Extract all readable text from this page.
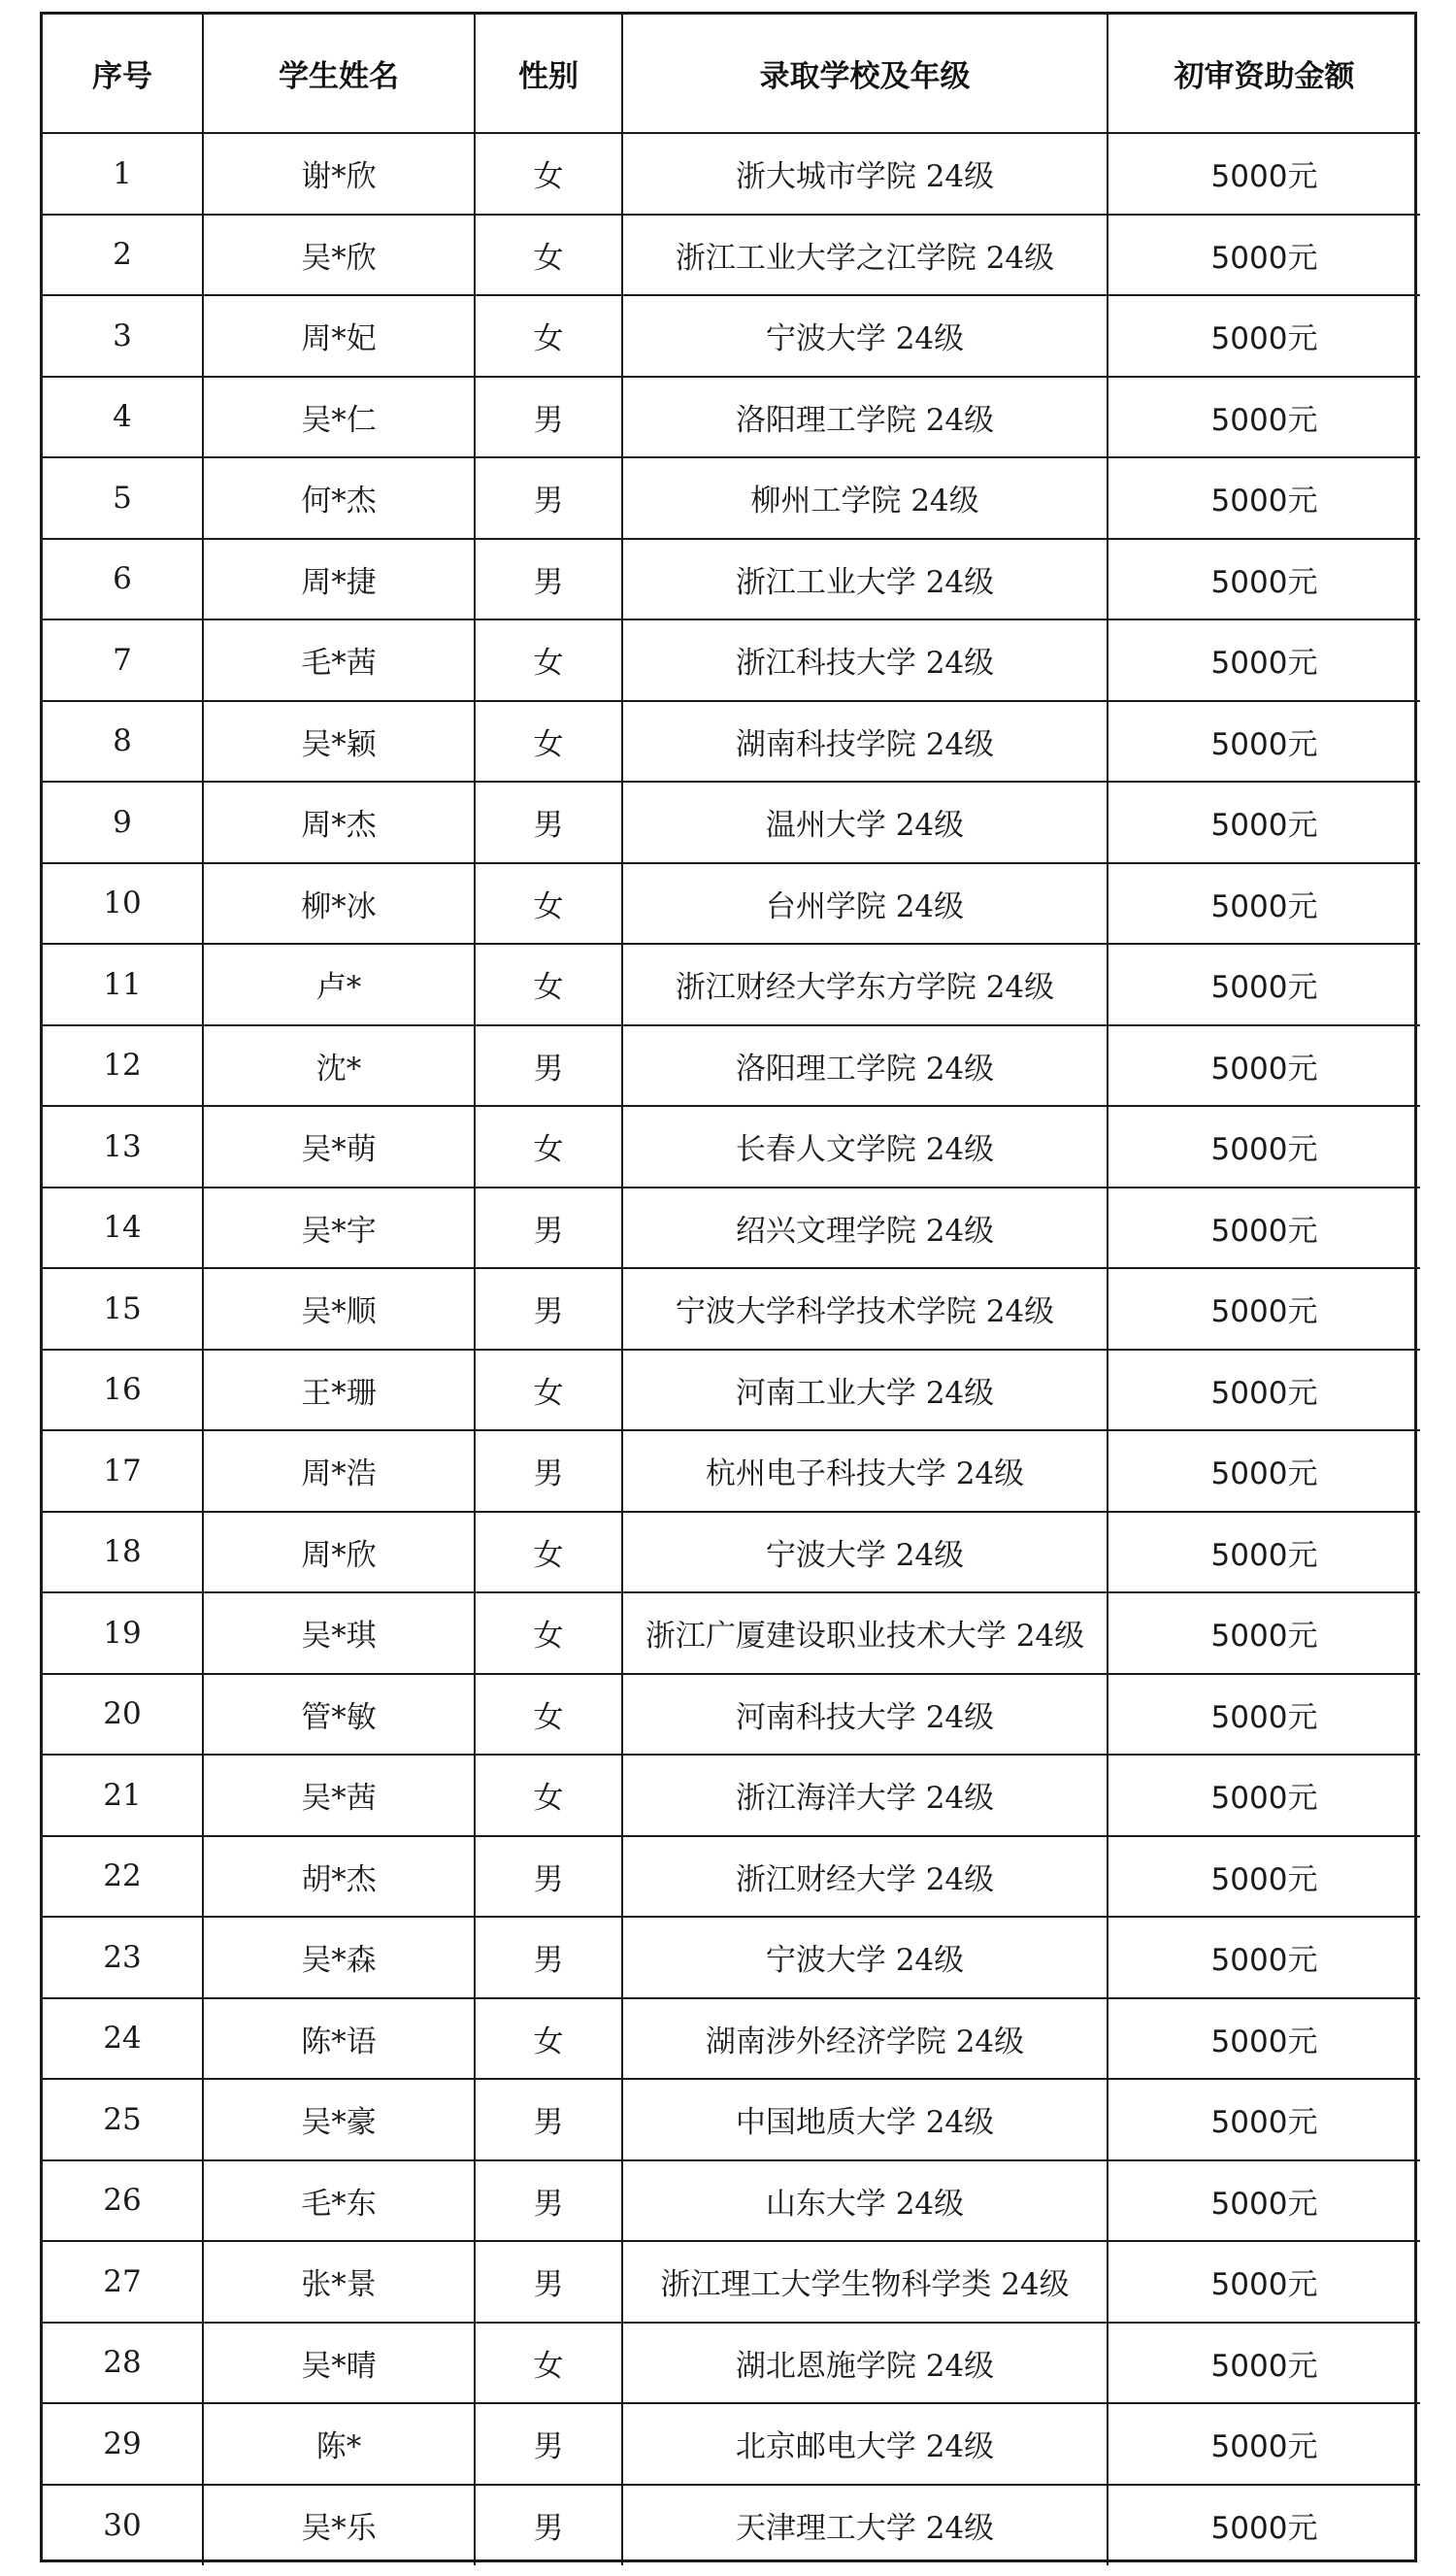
序号	学生姓名	性别	录取学校及年级	初审资助金额
1	谢*欣	女	浙大城市学院 24级	5000元
2	吴*欣	女	浙江工业大学之江学院 24级	5000元
3	周*妃	女	宁波大学 24级	5000元
4	吴*仁	男	洛阳理工学院 24级	5000元
5	何*杰	男	柳州工学院 24级	5000元
6	周*捷	男	浙江工业大学 24级	5000元
7	毛*茜	女	浙江科技大学 24级	5000元
8	吴*颖	女	湖南科技学院 24级	5000元
9	周*杰	男	温州大学 24级	5000元
10	柳*冰	女	台州学院 24级	5000元
11	卢*	女	浙江财经大学东方学院 24级	5000元
12	沈*	男	洛阳理工学院 24级	5000元
13	吴*萌	女	长春人文学院 24级	5000元
14	吴*宇	男	绍兴文理学院 24级	5000元
15	吴*顺	男	宁波大学科学技术学院 24级	5000元
16	王*珊	女	河南工业大学 24级	5000元
17	周*浩	男	杭州电子科技大学 24级	5000元
18	周*欣	女	宁波大学 24级	5000元
19	吴*琪	女	浙江广厦建设职业技术大学 24级	5000元
20	管*敏	女	河南科技大学 24级	5000元
21	吴*茜	女	浙江海洋大学 24级	5000元
22	胡*杰	男	浙江财经大学 24级	5000元
23	吴*森	男	宁波大学 24级	5000元
24	陈*语	女	湖南涉外经济学院 24级	5000元
25	吴*豪	男	中国地质大学 24级	5000元
26	毛*东	男	山东大学 24级	5000元
27	张*景	男	浙江理工大学生物科学类 24级	5000元
28	吴*晴	女	湖北恩施学院 24级	5000元
29	陈*	男	北京邮电大学 24级	5000元
30	吴*乐	男	天津理工大学 24级	5000元
